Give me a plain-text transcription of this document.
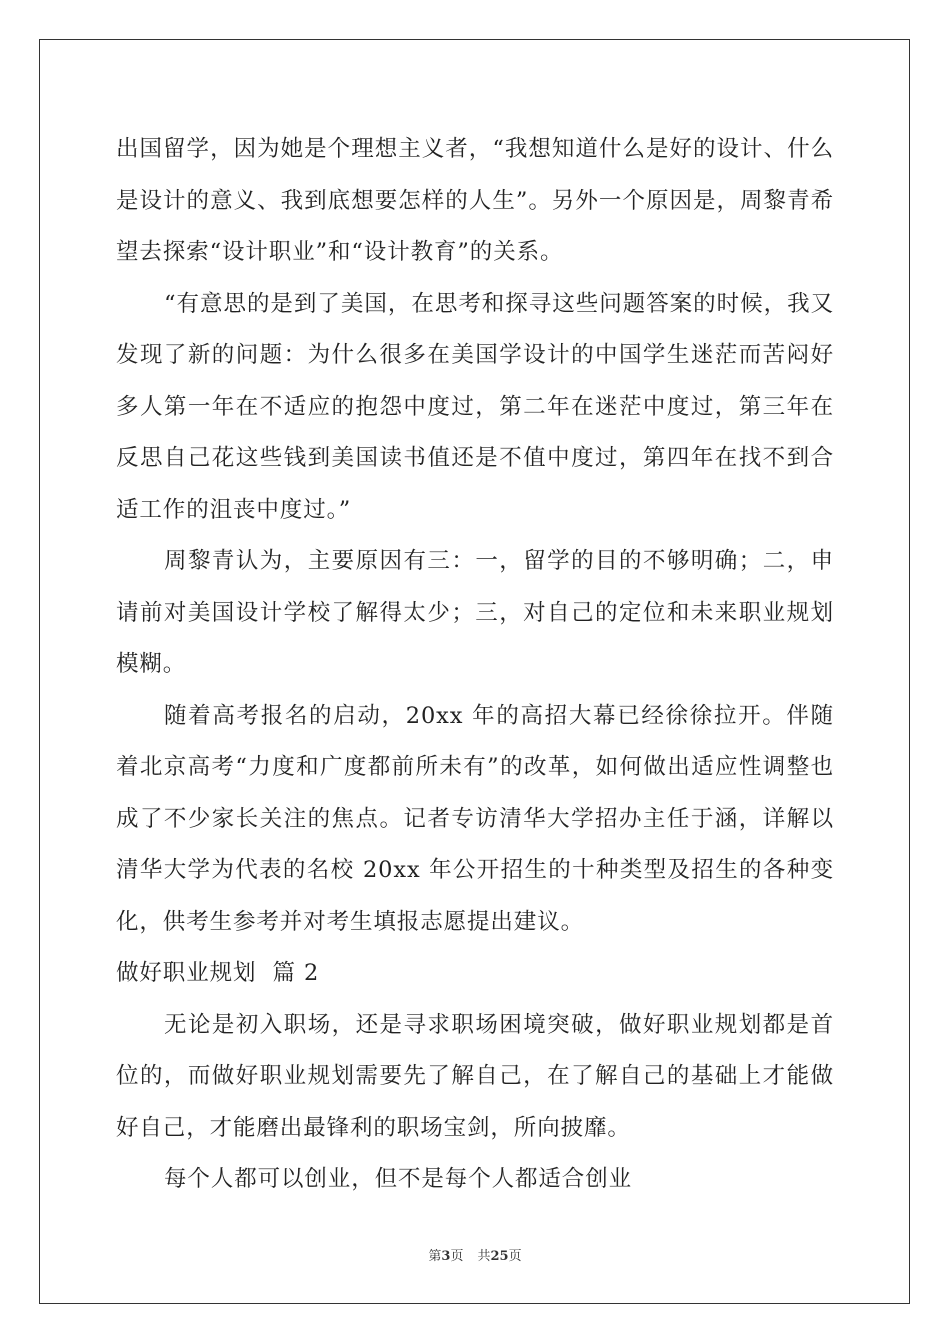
出国留学，因为她是个理想主义者，“我想知道什么是好的设计、什么是设计的意义、我到底想要怎样的人生”。另外一个原因是，周黎青希望去探索“设计职业”和“设计教育”的关系。

“有意思的是到了美国，在思考和探寻这些问题答案的时候，我又发现了新的问题：为什么很多在美国学设计的中国学生迷茫而苦闷好多人第一年在不适应的抱怨中度过，第二年在迷茫中度过，第三年在反思自己花这些钱到美国读书值还是不值中度过，第四年在找不到合适工作的沮丧中度过。”

周黎青认为，主要原因有三：一，留学的目的不够明确；二，申请前对美国设计学校了解得太少；三，对自己的定位和未来职业规划模糊。

随着高考报名的启动，20xx 年的高招大幕已经徐徐拉开。伴随着北京高考“力度和广度都前所未有”的改革，如何做出适应性调整也成了不少家长关注的焦点。记者专访清华大学招办主任于涵，详解以清华大学为代表的名校 20xx 年公开招生的十种类型及招生的各种变化，供考生参考并对考生填报志愿提出建议。

做好职业规划  篇 2

无论是初入职场，还是寻求职场困境突破，做好职业规划都是首位的，而做好职业规划需要先了解自己，在了解自己的基础上才能做好自己，才能磨出最锋利的职场宝剑，所向披靡。

每个人都可以创业，但不是每个人都适合创业

第3页 共25页
